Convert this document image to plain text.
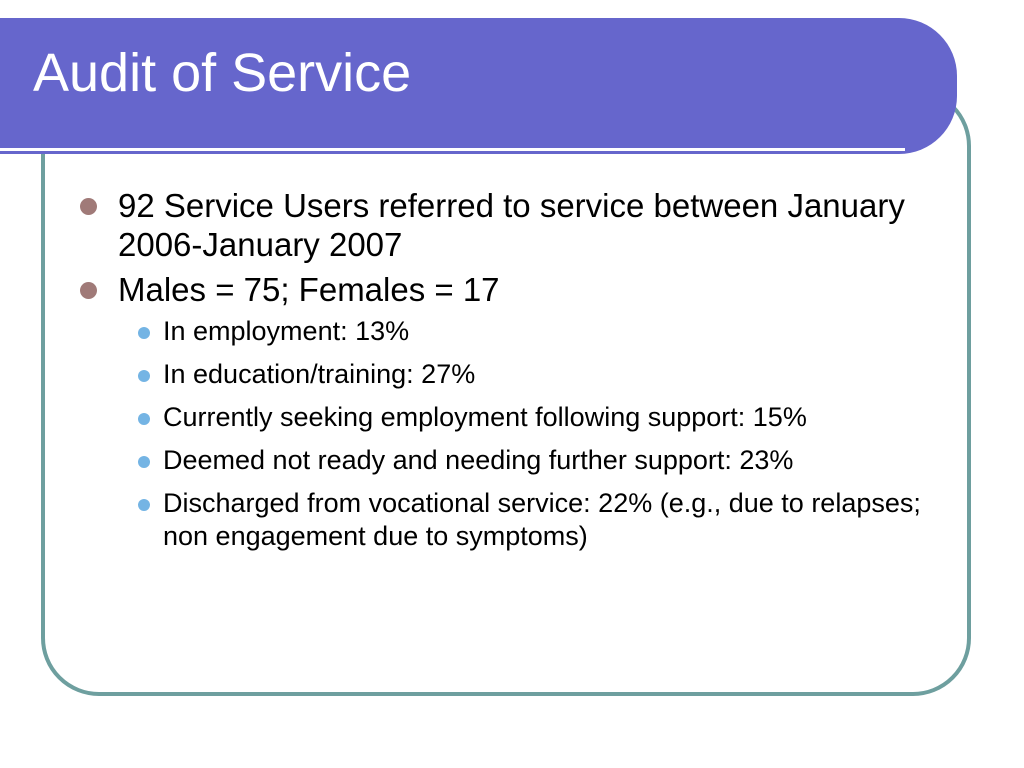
Audit of Service
92 Service Users referred to service between January 2006-January 2007
Males = 75; Females = 17
In employment: 13%
In education/training: 27%
Currently seeking employment following support: 15%
Deemed not ready and needing further support: 23%
Discharged from vocational service: 22% (e.g., due to relapses; non engagement due to symptoms)
